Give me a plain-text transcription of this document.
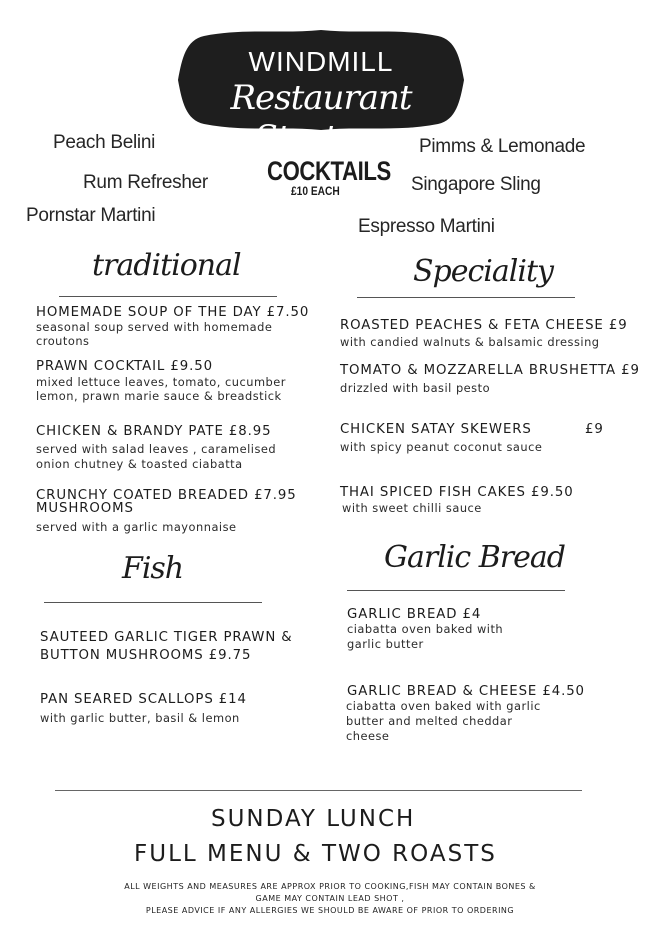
WINDMILL
Restaurant Starters
Peach Belini
Rum Refresher
Pornstar Martini
Pimms & Lemonade
Singapore Sling
Espresso Martini
COCKTAILS
£10 EACH
traditional
HOMEMADE SOUP OF THE DAY £7.50
seasonal soup served with homemade
croutons
PRAWN COCKTAIL £9.50
mixed lettuce leaves, tomato, cucumber
lemon, prawn marie sauce & breadstick
CHICKEN & BRANDY PATE £8.95
served with salad leaves , caramelised
onion chutney & toasted ciabatta
CRUNCHY COATED BREADED £7.95
MUSHROOMS
served with a garlic mayonnaise
Speciality
ROASTED PEACHES & FETA CHEESE £9
with candied walnuts & balsamic dressing
TOMATO & MOZZARELLA BRUSHETTA £9
drizzled with basil pesto
CHICKEN SATAY SKEWERS	£9
with spicy peanut coconut sauce
THAI SPICED FISH CAKES £9.50
with sweet chilli sauce
Fish
SAUTEED GARLIC TIGER PRAWN &
BUTTON MUSHROOMS £9.75
PAN SEARED SCALLOPS £14
with garlic butter, basil & lemon
Garlic Bread
GARLIC BREAD £4
ciabatta oven baked with
garlic butter
GARLIC BREAD & CHEESE £4.50
ciabatta oven baked with garlic
butter and melted cheddar
cheese
SUNDAY LUNCH
FULL MENU & TWO ROASTS
ALL WEIGHTS AND MEASURES ARE APPROX PRIOR TO COOKING,FISH MAY CONTAIN BONES &
GAME MAY CONTAIN LEAD SHOT ,
PLEASE ADVICE IF ANY ALLERGIES WE SHOULD BE AWARE OF PRIOR TO ORDERING
